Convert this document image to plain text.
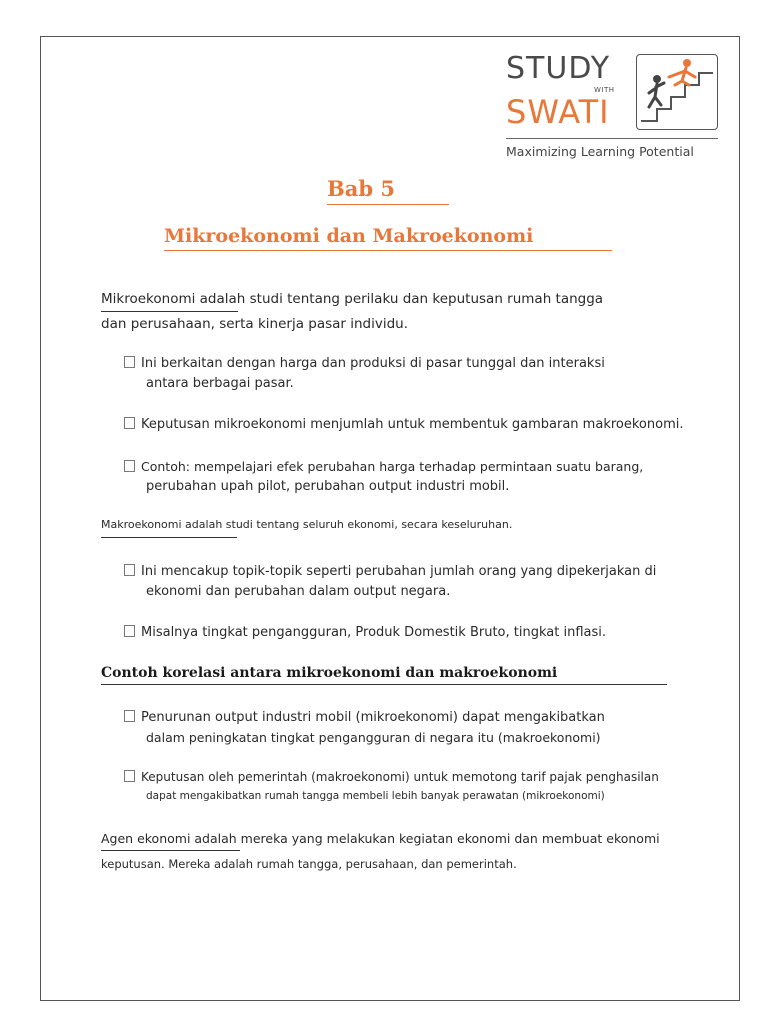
STUDY
WITH
SWATI
Maximizing Learning Potential
Bab 5
Mikroekonomi dan Makroekonomi
Mikroekonomi adalah studi tentang perilaku dan keputusan rumah tangga
dan perusahaan, serta kinerja pasar individu.
Ini berkaitan dengan harga dan produksi di pasar tunggal dan interaksi
antara berbagai pasar.
Keputusan mikroekonomi menjumlah untuk membentuk gambaran makroekonomi.
Contoh: mempelajari efek perubahan harga terhadap permintaan suatu barang,
perubahan upah pilot, perubahan output industri mobil.
Makroekonomi adalah studi tentang seluruh ekonomi, secara keseluruhan.
Ini mencakup topik-topik seperti perubahan jumlah orang yang dipekerjakan di
ekonomi dan perubahan dalam output negara.
Misalnya tingkat pengangguran, Produk Domestik Bruto, tingkat inflasi.
Contoh korelasi antara mikroekonomi dan makroekonomi
Penurunan output industri mobil (mikroekonomi) dapat mengakibatkan
dalam peningkatan tingkat pengangguran di negara itu (makroekonomi)
Keputusan oleh pemerintah (makroekonomi) untuk memotong tarif pajak penghasilan
dapat mengakibatkan rumah tangga membeli lebih banyak perawatan (mikroekonomi)
Agen ekonomi adalah mereka yang melakukan kegiatan ekonomi dan membuat ekonomi
keputusan. Mereka adalah rumah tangga, perusahaan, dan pemerintah.
